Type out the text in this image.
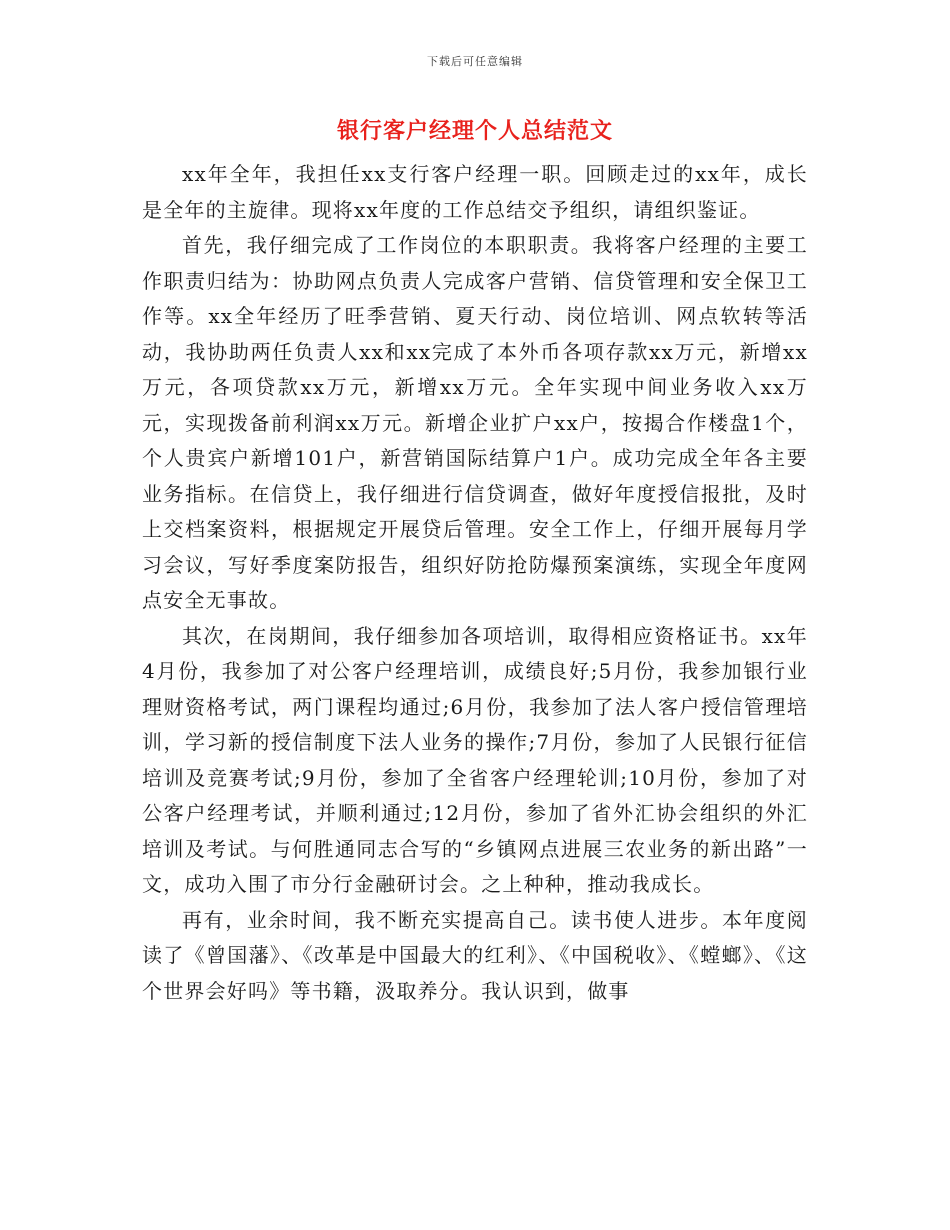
下载后可任意编辑
银行客户经理个人总结范文

xx年全年，我担任xx支行客户经理一职。回顾走过的xx年，成长是全年的主旋律。现将xx年度的工作总结交予组织，请组织鉴证。

首先，我仔细完成了工作岗位的本职职责。我将客户经理的主要工作职责归结为：协助网点负责人完成客户营销、信贷管理和安全保卫工作等。xx全年经历了旺季营销、夏天行动、岗位培训、网点软转等活动，我协助两任负责人xx和xx完成了本外币各项存款xx万元，新增xx万元，各项贷款xx万元，新增xx万元。全年实现中间业务收入xx万元，实现拨备前利润xx万元。新增企业扩户xx户，按揭合作楼盘1个，个人贵宾户新增101户，新营销国际结算户1户。成功完成全年各主要业务指标。在信贷上，我仔细进行信贷调查，做好年度授信报批，及时上交档案资料，根据规定开展贷后管理。安全工作上，仔细开展每月学习会议，写好季度案防报告，组织好防抢防爆预案演练，实现全年度网点安全无事故。

其次，在岗期间，我仔细参加各项培训，取得相应资格证书。xx年4月份，我参加了对公客户经理培训，成绩良好;5月份，我参加银行业理财资格考试，两门课程均通过;6月份，我参加了法人客户授信管理培训，学习新的授信制度下法人业务的操作;7月份，参加了人民银行征信培训及竞赛考试;9月份，参加了全省客户经理轮训;10月份，参加了对公客户经理考试，并顺利通过;12月份，参加了省外汇协会组织的外汇培训及考试。与何胜通同志合写的“乡镇网点进展三农业务的新出路”一文，成功入围了市分行金融研讨会。之上种种，推动我成长。

再有，业余时间，我不断充实提高自己。读书使人进步。本年度阅读了《曾国藩》、《改革是中国最大的红利》、《中国税收》、《螳螂》、《这个世界会好吗》等书籍，汲取养分。我认识到，做事
